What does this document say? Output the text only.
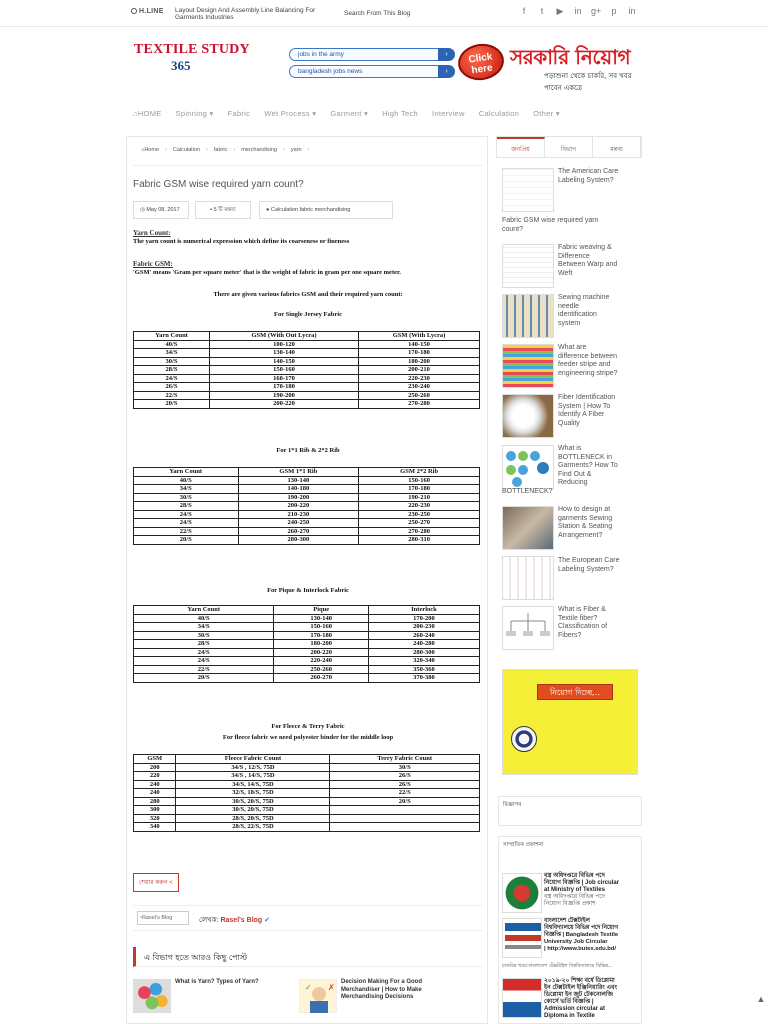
H.LINE Layout Design And Assembly Line Balancing For
Garments Industries
Search From This Blog	f	t	▶ in g+ p in
TEXTILE STUDY
365
jobs in the army	›
bangladesh jobs news	›
Click here
সরকারি নিয়োগ
পড়াশুনা থেকে চাকরি, সব খবর পাবেন একত্রে
⌂HOME	Spinning ▾	Fabric	Wet Process ▾	Garment ▾	High Tech	Interview	Calculation	Other ▾
⌂Home › Calculation › fabric › merchandising › yarn ›
Fabric GSM wise required yarn count?
◷ May 08, 2017	▪ 5 টি মন্তব্য	● Calculation fabric merchandising
Yarn Count:
The yarn count is numerical expression which define its coarseness or fineness
Fabric GSM:
'GSM' means 'Gram per square meter' that is the weight of fabric in gram per one square meter.
There are given various fabrics GSM and their required yarn count:
For Single Jersey Fabric
Yarn Count	GSM (With Out Lycra)	GSM (With Lycra)
40/S	100-120	140-150
34/S	130-140	170-180
30/S	140-150	180-200
28/S	150-160	200-210
24/S	160-170	220-230
26/S	170-180	230-240
22/S	190-200	250-260
20/S	200-220	270-280
For 1*1 Rib & 2*2 Rib
Yarn Count	GSM 1*1 Rib	GSM 2*2 Rib
40/S	130-140	150-160
34/S	140-180	170-180
30/S	190-200	190-210
28/S	200-220	220-230
24/S	210-230	230-250
24/S	240-250	250-270
22/S	260-270	270-280
20/S	280-300	280-310
For Pique & Interlock Fabric
Yarn Count	Pique	Interlock
40/S	130-140	170-200
34/S	150-160	200-230
30/S	170-180	260-240
28/S	180-200	240-280
24/S	200-220	280-300
24/S	220-240	320-340
22/S	250-260	350-360
20/S	260-270	370-380
For Fleece & Terry Fabric
For fleece fabric we need polyester binder for the middle loop
GSM	Fleece Fabric Count	Terry Fabric Count
200	34/S , 12/S, 75D	30/S
220	34/S , 14/S, 75D	26/S
240	34/S, 14/S, 75D	26/S
240	32/S, 18/S, 75D	22/S
280	30/S, 20/S, 75D	20/S
300	30/S, 20/S, 75D	
320	28/S, 20/S, 75D	
340	28/S, 22/S, 75D	
শেয়ার করুন <
▫Rasel's Blog	লেখক: Rasel's Blog ✔
এ বিভাগ হতে আরও কিছু পোস্ট
What is Yarn? Types of Yarn?
✓ ✗
Decision Making For a Good
Merchandiser | How to Make
Merchandising Decisions
জনপ্রিয়	বিভাগ	মন্তব্য
The American Care
Labeling System?
Fabric GSM wise required yarn
count?
Fabric weaving &
Difference
Between Warp and
Weft
Sewing machine
needle
identification
system
What are
difference between
feeder stripe and
engineering stripe?
Fiber Identification
System | How To
Identify A Fiber
Quality
What is
BOTTLENECK in
Garments? How To
Find Out &
Reducing
BOTTLENECK?
How to design at
garments Sewing
Station & Seating
Arrangement?
The European Care
Labeling System?
What is Fiber &
Textile fiber?
Classification of
Fibers?
নিয়োগ দিচ্ছে...
বিজ্ঞাপন
সাম্প্রতিক প্রকাশনা
বস্ত্র অধিদপ্তরে বিভিন্ন পদে
নিয়োগ বিজ্ঞপ্তি | Job circular
at Ministry of Textiles
বস্ত্র অধিদপ্তরে বিভিন্ন পদে
নিয়োগ বিজ্ঞপ্তি প্রকাশ
বাংলাদেশ টেক্সটাইল
বিশ্ববিদ্যালয়ে বিভিন্ন পদে নিয়োগ
বিজ্ঞপ্তি | Bangladesh Textile
University Job Circular
| http://www.butex.edu.bd/
চাকরির খবর:বাংলাদেশ টেক্সটাইল বিশ্ববিদ্যালয়ে বিভিন্ন...
২০১৯-২০ শিক্ষা বর্ষে ডিপ্লোমা
ইন টেক্সটাইল ইঞ্জিনিয়ারিং এবং
ডিপ্লোমা ইন জুট টেকনোলজি
কোর্সে ভর্তি বিজ্ঞপ্তি |
Admission circular at
Diploma in Textile
▲
